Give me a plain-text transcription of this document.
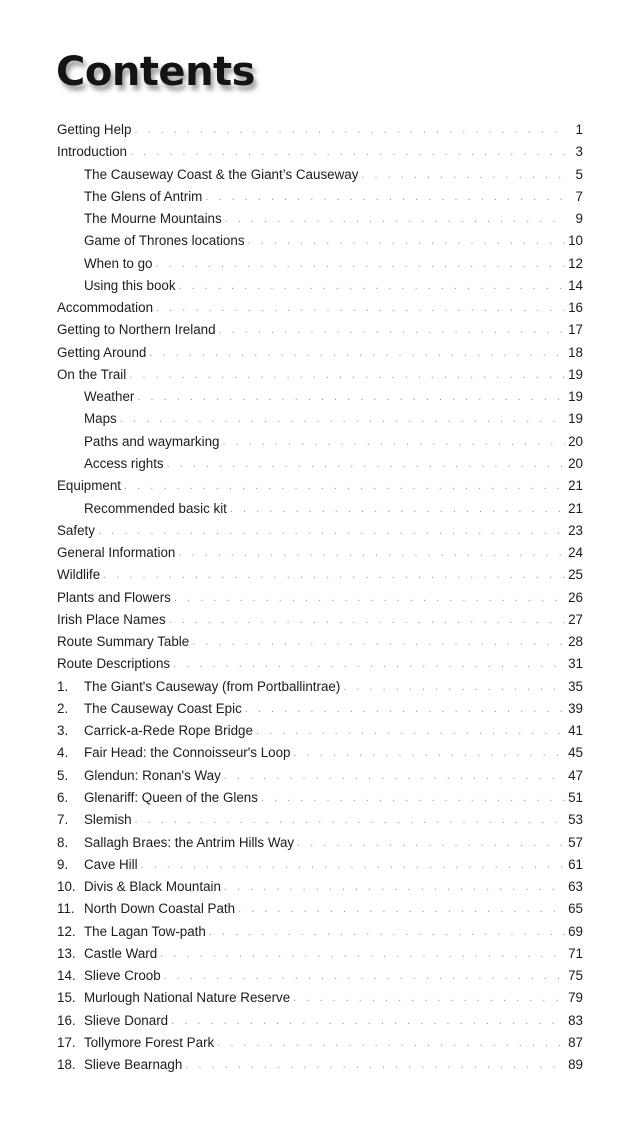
Contents
Getting Help . . .	1
Introduction . . .	3
The Causeway Coast & the Giant’s Causeway . . .	5
The Glens of Antrim . . .	7
The Mourne Mountains . . .	9
Game of Thrones locations . . .	10
When to go . . .	12
Using this book . . .	14
Accommodation . . .	16
Getting to Northern Ireland . . .	17
Getting Around . . .	18
On the Trail . . .	19
Weather . . .	19
Maps . . .	19
Paths and waymarking . . .	20
Access rights . . .	20
Equipment . . .	21
Recommended basic kit . . .	21
Safety . . .	23
General Information . . .	24
Wildlife . . .	25
Plants and Flowers . . .	26
Irish Place Names . . .	27
Route Summary Table . . .	28
Route Descriptions . . .	31
1.	The Giant's Causeway (from Portballintrae) . . .	35
2.	The Causeway Coast Epic . . .	39
3.	Carrick-a-Rede Rope Bridge . . .	41
4.	Fair Head: the Connoisseur's Loop . . .	45
5.	Glendun: Ronan's Way . . .	47
6.	Glenariff: Queen of the Glens . . .	51
7.	Slemish . . .	53
8.	Sallagh Braes: the Antrim Hills Way . . .	57
9.	Cave Hill . . .	61
10. Divis & Black Mountain . . .	63
11. North Down Coastal Path . . .	65
12. The Lagan Tow-path . . .	69
13. Castle Ward . . .	71
14. Slieve Croob . . .	75
15. Murlough National Nature Reserve . . .	79
16. Slieve Donard . . .	83
17. Tollymore Forest Park . . .	87
18. Slieve Bearnagh . . .	89
